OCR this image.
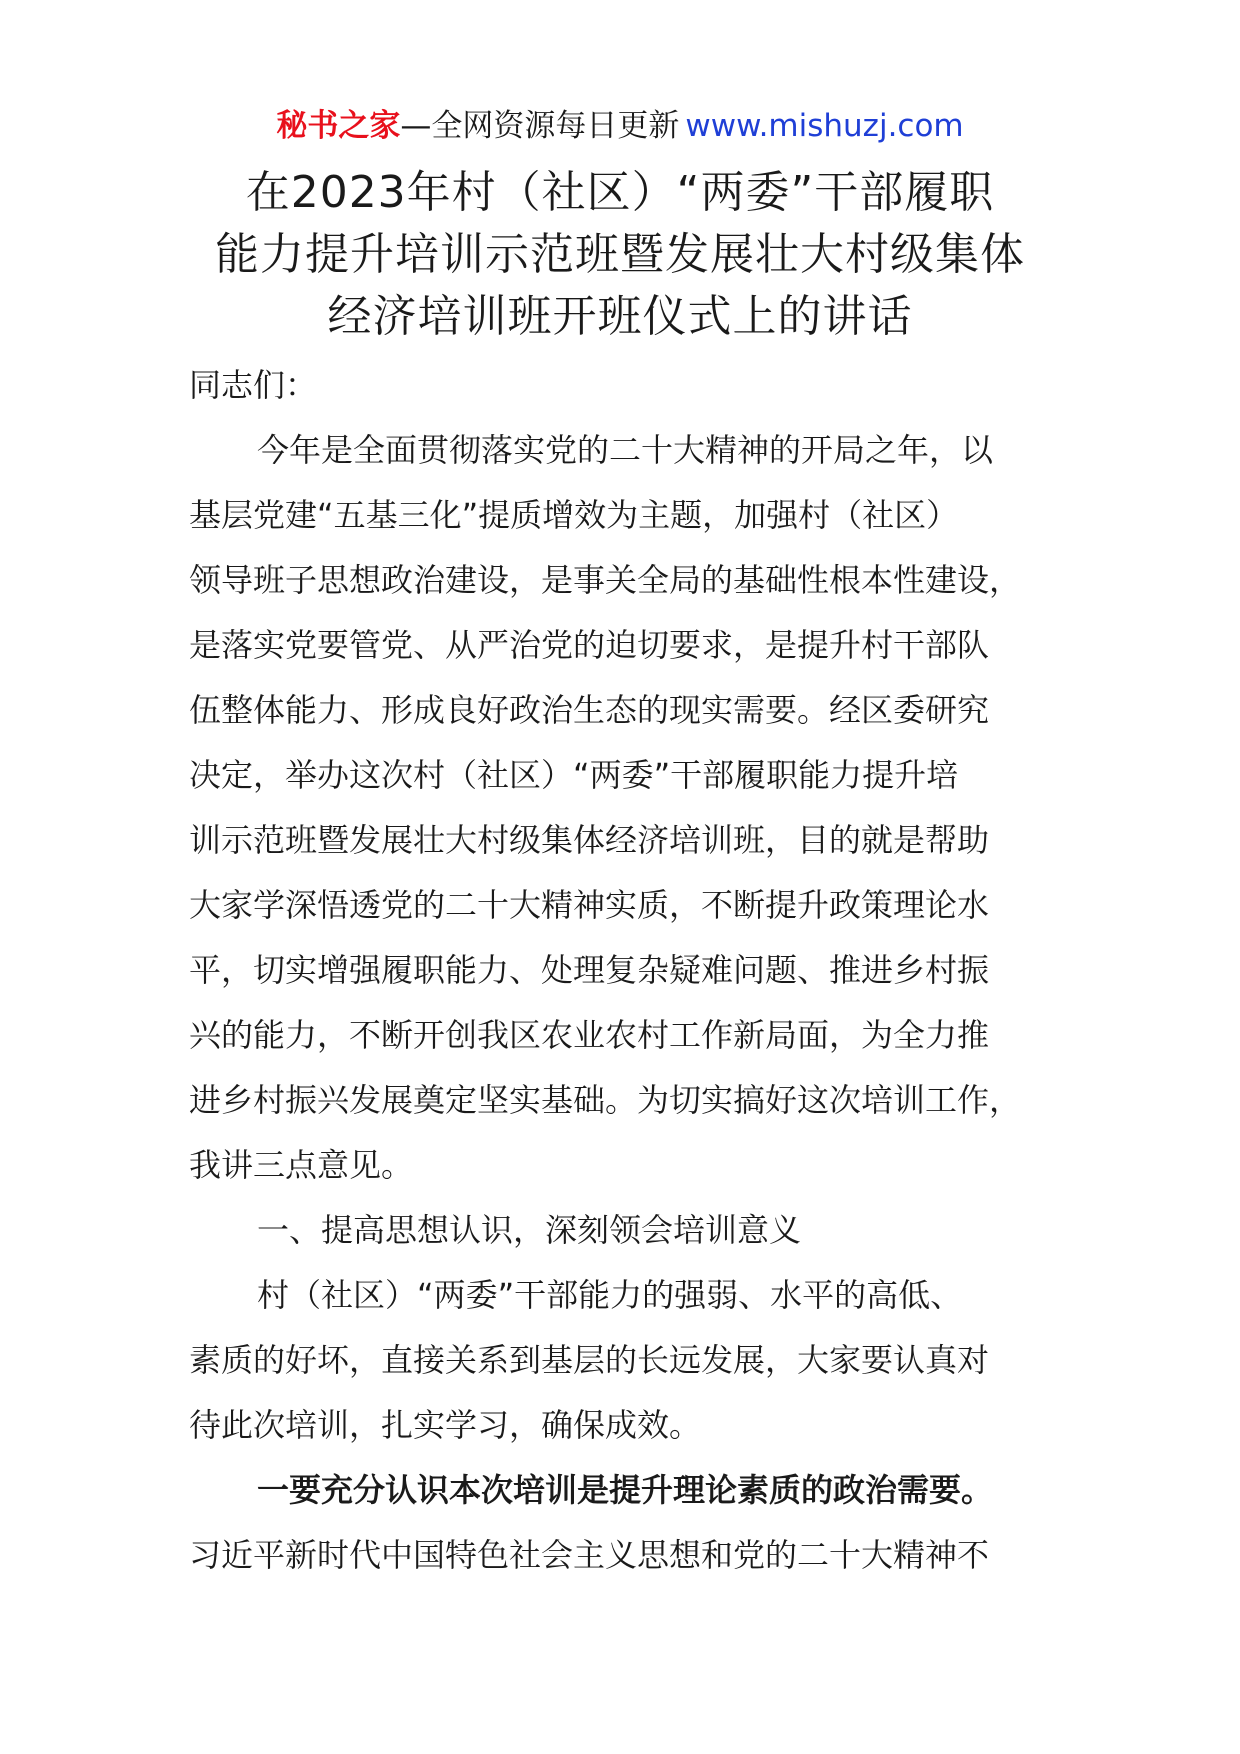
秘书之家—全网资源每日更新 www.mishuzj.com
在2023年村（社区）“两委”干部履职
能力提升培训示范班暨发展壮大村级集体
经济培训班开班仪式上的讲话
同志们：
今年是全面贯彻落实党的二十大精神的开局之年，以
基层党建“五基三化”提质增效为主题，加强村（社区）
领导班子思想政治建设，是事关全局的基础性根本性建设，
是落实党要管党、从严治党的迫切要求，是提升村干部队
伍整体能力、形成良好政治生态的现实需要。经区委研究
决定，举办这次村（社区）“两委”干部履职能力提升培
训示范班暨发展壮大村级集体经济培训班，目的就是帮助
大家学深悟透党的二十大精神实质，不断提升政策理论水
平，切实增强履职能力、处理复杂疑难问题、推进乡村振
兴的能力，不断开创我区农业农村工作新局面，为全力推
进乡村振兴发展奠定坚实基础。为切实搞好这次培训工作，
我讲三点意见。
一、提高思想认识，深刻领会培训意义
村（社区）“两委”干部能力的强弱、水平的高低、
素质的好坏，直接关系到基层的长远发展，大家要认真对
待此次培训，扎实学习，确保成效。
一要充分认识本次培训是提升理论素质的政治需要。
习近平新时代中国特色社会主义思想和党的二十大精神不
